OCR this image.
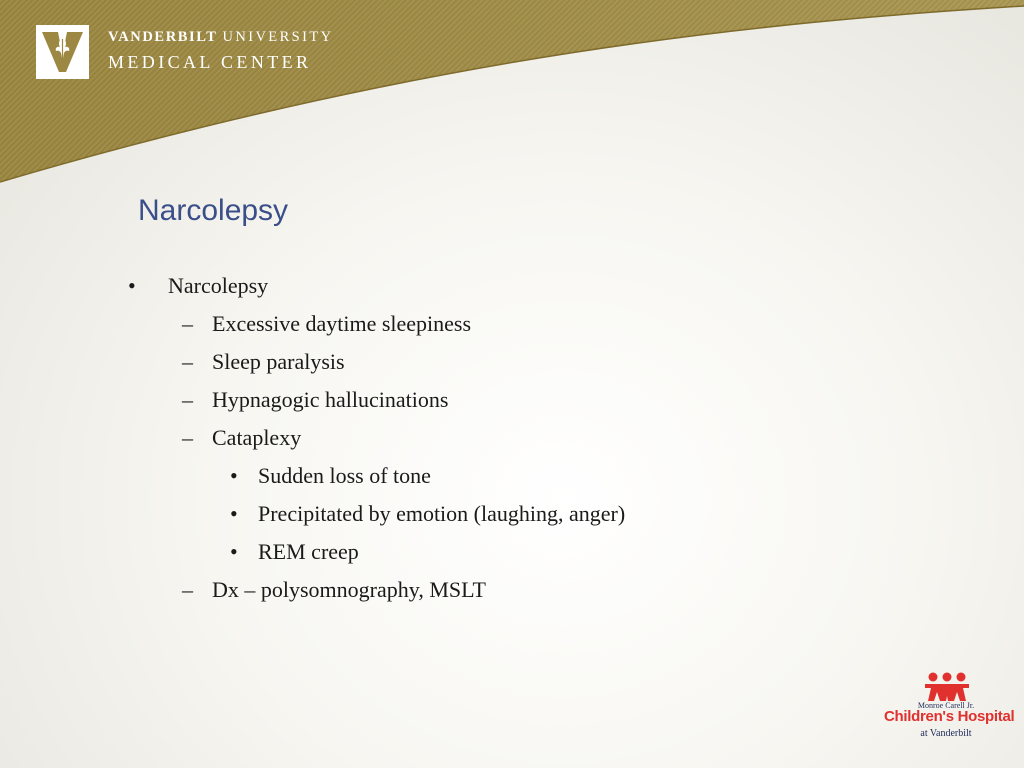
VANDERBILT UNIVERSITY
MEDICAL CENTER
Narcolepsy
•	Narcolepsy
– Excessive daytime sleepiness
– Sleep paralysis
– Hypnagogic hallucinations
– Cataplexy
• Sudden loss of tone
• Precipitated by emotion (laughing, anger)
• REM creep
– Dx – polysomnography, MSLT
Monroe Carell Jr.
Children's Hospital
at Vanderbilt
